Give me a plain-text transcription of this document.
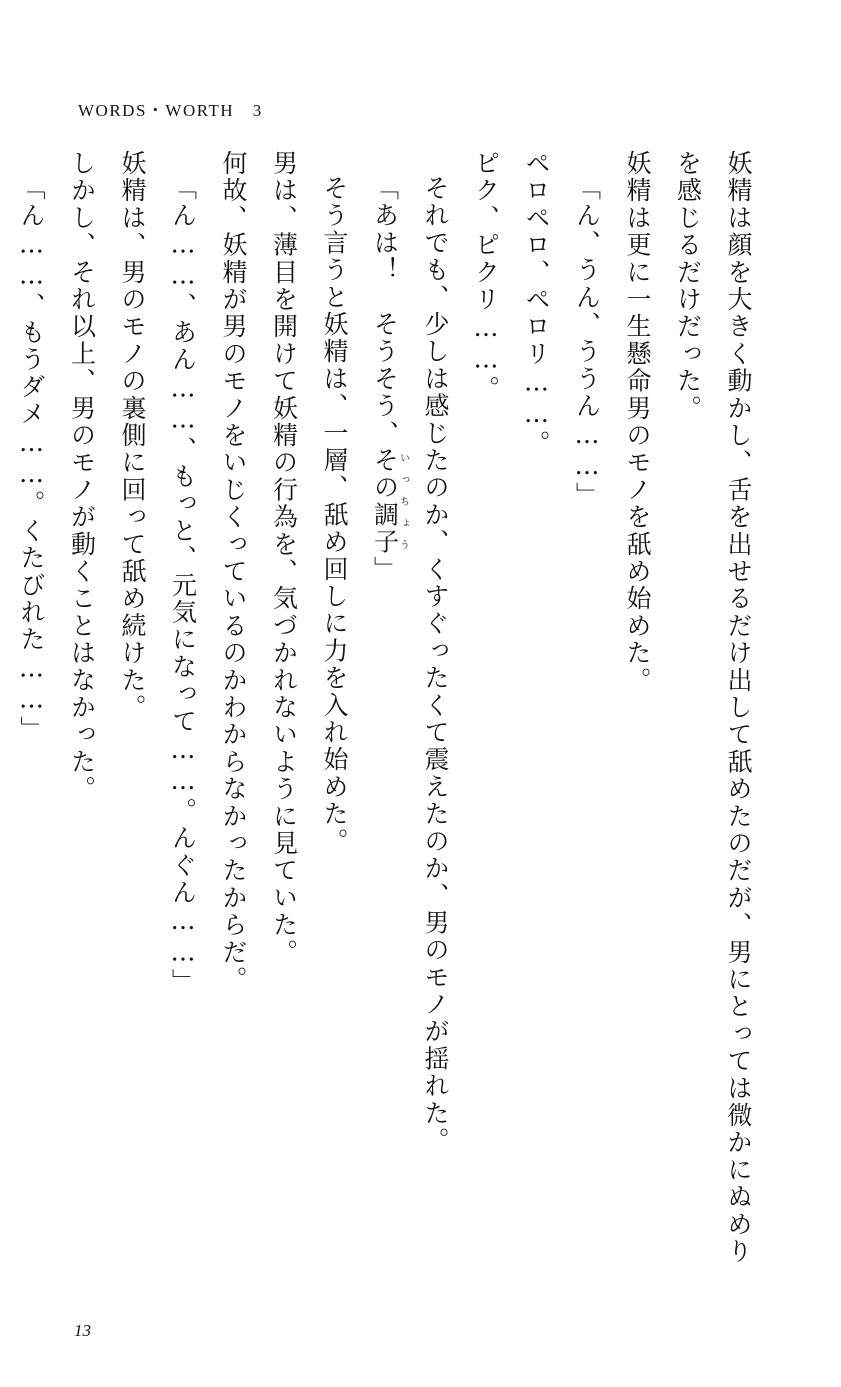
WORDS・WORTH　3

妖精は顔を大きく動かし、舌を出せるだけ出して舐めたのだが、男にとっては微かにぬめりを感じるだけだった。

妖精は更に一生懸命男のモノを舐め始めた。

「ん、うん、ううん……」

ペロペロ、ペロリ……。

ピク、ピクリ……。

それでも、少しは感じたのか、くすぐったくて震えたのか、男のモノが揺れた。

「あは！　そうそう、その調子いっちょう」

そう言うと妖精は、一層、舐め回しに力を入れ始めた。

男は、薄目を開けて妖精の行為を、気づかれないように見ていた。

何故、妖精が男のモノをいじくっているのかわからなかったからだ。

「ん……、あん……、もっと、元気になって……。んぐん……」

妖精は、男のモノの裏側に回って舐め続けた。

しかし、それ以上、男のモノが動くことはなかった。

「ん……、もうダメ……。くたびれた……」

13
